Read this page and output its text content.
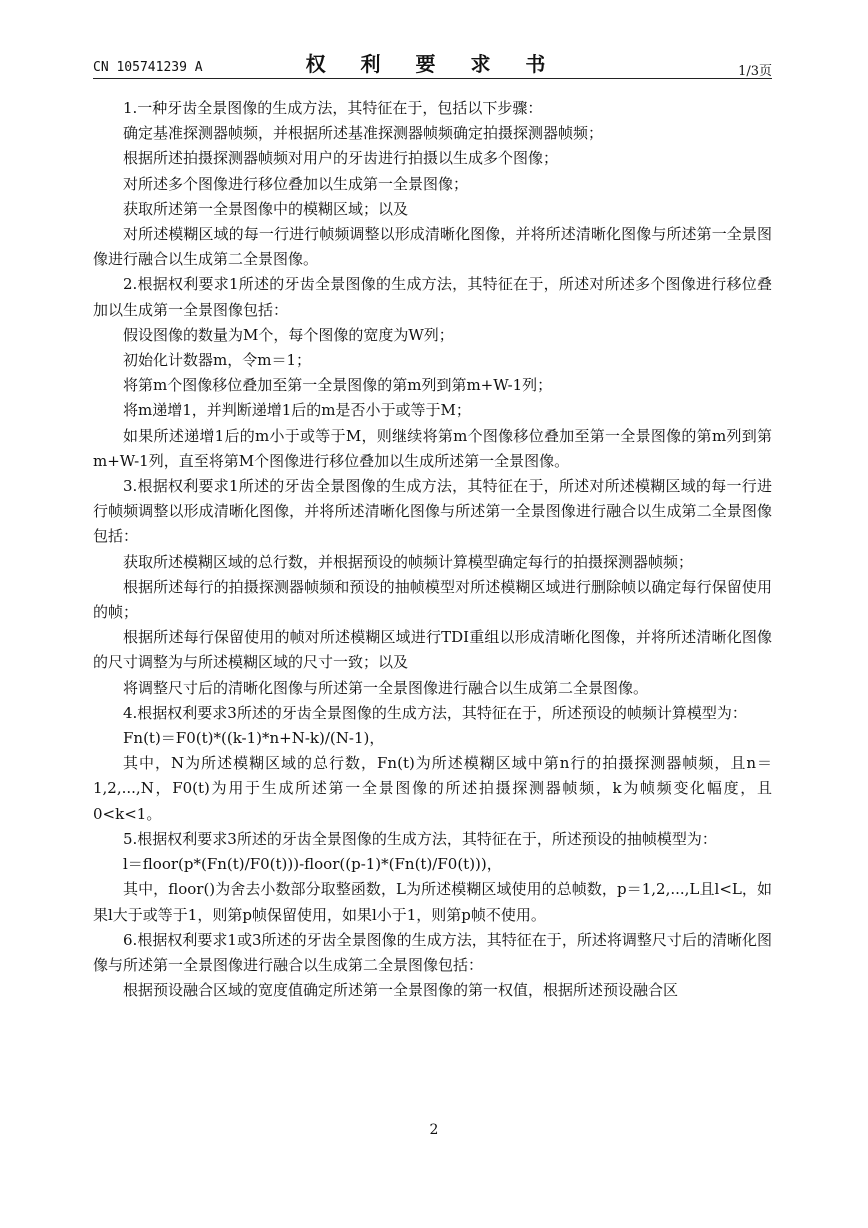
CN 105741239 A	权 利 要 求 书	1/3页

1.一种牙齿全景图像的生成方法，其特征在于，包括以下步骤：

确定基准探测器帧频，并根据所述基准探测器帧频确定拍摄探测器帧频；

根据所述拍摄探测器帧频对用户的牙齿进行拍摄以生成多个图像；

对所述多个图像进行移位叠加以生成第一全景图像；

获取所述第一全景图像中的模糊区域；以及

对所述模糊区域的每一行进行帧频调整以形成清晰化图像，并将所述清晰化图像与所述第一全景图像进行融合以生成第二全景图像。

2.根据权利要求1所述的牙齿全景图像的生成方法，其特征在于，所述对所述多个图像进行移位叠加以生成第一全景图像包括：

假设图像的数量为M个，每个图像的宽度为W列；

初始化计数器m，令m＝1；

将第m个图像移位叠加至第一全景图像的第m列到第m+W-1列；

将m递增1，并判断递增1后的m是否小于或等于M；

如果所述递增1后的m小于或等于M，则继续将第m个图像移位叠加至第一全景图像的第m列到第m+W-1列，直至将第M个图像进行移位叠加以生成所述第一全景图像。

3.根据权利要求1所述的牙齿全景图像的生成方法，其特征在于，所述对所述模糊区域的每一行进行帧频调整以形成清晰化图像，并将所述清晰化图像与所述第一全景图像进行融合以生成第二全景图像包括：

获取所述模糊区域的总行数，并根据预设的帧频计算模型确定每行的拍摄探测器帧频；

根据所述每行的拍摄探测器帧频和预设的抽帧模型对所述模糊区域进行删除帧以确定每行保留使用的帧；

根据所述每行保留使用的帧对所述模糊区域进行TDI重组以形成清晰化图像，并将所述清晰化图像的尺寸调整为与所述模糊区域的尺寸一致；以及

将调整尺寸后的清晰化图像与所述第一全景图像进行融合以生成第二全景图像。

4.根据权利要求3所述的牙齿全景图像的生成方法，其特征在于，所述预设的帧频计算模型为：

Fn(t)＝F0(t)*((k-1)*n+N-k)/(N-1)，

其中，N为所述模糊区域的总行数，Fn(t)为所述模糊区域中第n行的拍摄探测器帧频，且n＝1,2,...,N，F0(t)为用于生成所述第一全景图像的所述拍摄探测器帧频，k为帧频变化幅度，且0<k<1。

5.根据权利要求3所述的牙齿全景图像的生成方法，其特征在于，所述预设的抽帧模型为：

l＝floor(p*(Fn(t)/F0(t)))-floor((p-1)*(Fn(t)/F0(t)))，

其中，floor()为舍去小数部分取整函数，L为所述模糊区域使用的总帧数，p＝1,2,...,L且l<L，如果l大于或等于1，则第p帧保留使用，如果l小于1，则第p帧不使用。

6.根据权利要求1或3所述的牙齿全景图像的生成方法，其特征在于，所述将调整尺寸后的清晰化图像与所述第一全景图像进行融合以生成第二全景图像包括：

根据预设融合区域的宽度值确定所述第一全景图像的第一权值，根据所述预设融合区

2
